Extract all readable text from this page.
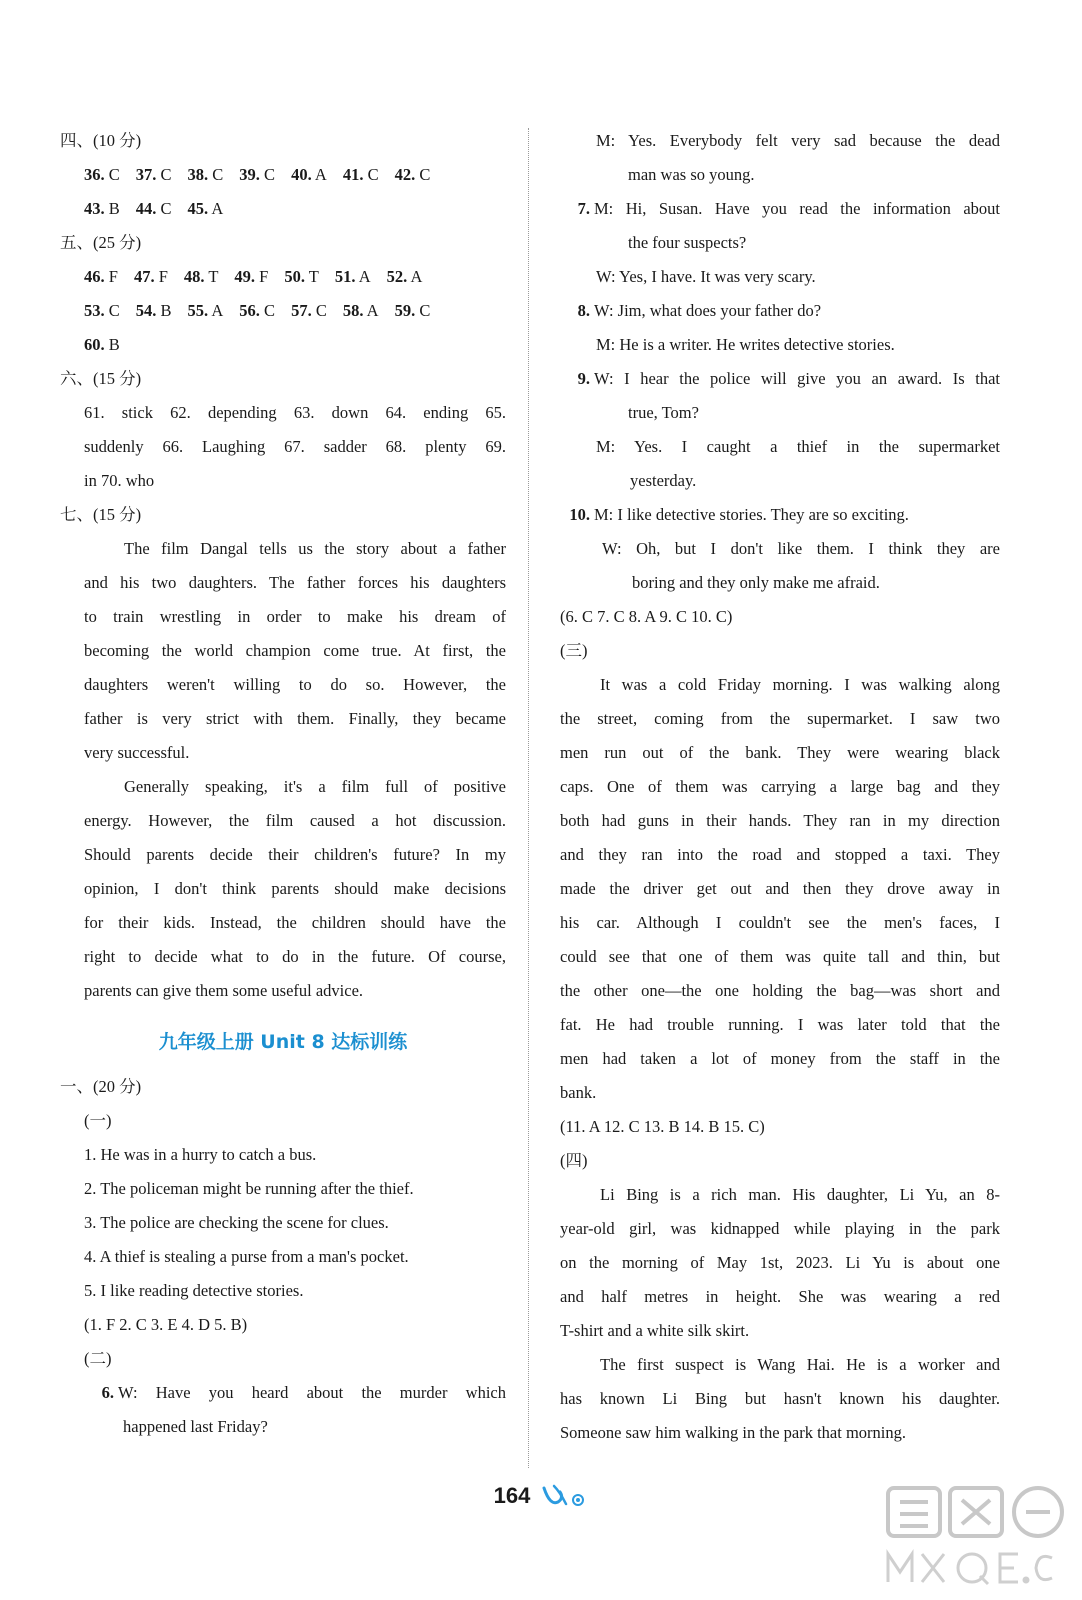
四、(10 分)
36. C 37. C 38. C 39. C 40. A 41. C 42. C
43. B 44. C 45. A
五、(25 分)
46. F 47. F 48. T 49. F 50. T 51. A 52. A
53. C 54. B 55. A 56. C 57. C 58. A 59. C
60. B
六、(15 分)
61. stick 62. depending 63. down 64. ending 65.
suddenly 66. Laughing 67. sadder 68. plenty 69.
in 70. who
七、(15 分)
The film Dangal tells us the story about a father
and his two daughters. The father forces his daughters
to train wrestling in order to make his dream of
becoming the world champion come true. At first, the
daughters weren't willing to do so. However, the
father is very strict with them. Finally, they became
very successful.
Generally speaking, it's a film full of positive
energy. However, the film caused a hot discussion.
Should parents decide their children's future? In my
opinion, I don't think parents should make decisions
for their kids. Instead, the children should have the
right to decide what to do in the future. Of course,
parents can give them some useful advice.
九年级上册 Unit 8 达标训练
一、(20 分)
(一)
1. He was in a hurry to catch a bus.
2. The policeman might be running after the thief.
3. The police are checking the scene for clues.
4. A thief is stealing a purse from a man's pocket.
5. I like reading detective stories.
(1. F 2. C 3. E 4. D 5. B)
(二)
6. W: Have you heard about the murder which
happened last Friday?
M: Yes. Everybody felt very sad because the dead
man was so young.
7. M: Hi, Susan. Have you read the information about
the four suspects?
W: Yes, I have. It was very scary.
8. W: Jim, what does your father do?
M: He is a writer. He writes detective stories.
9. W: I hear the police will give you an award. Is that
true, Tom?
M: Yes. I caught a thief in the supermarket
yesterday.
10. M: I like detective stories. They are so exciting.
W: Oh, but I don't like them. I think they are
boring and they only make me afraid.
(6. C 7. C 8. A 9. C 10. C)
(三)
It was a cold Friday morning. I was walking along
the street, coming from the supermarket. I saw two
men run out of the bank. They were wearing black
caps. One of them was carrying a large bag and they
both had guns in their hands. They ran in my direction
and they ran into the road and stopped a taxi. They
made the driver get out and then they drove away in
his car. Although I couldn't see the men's faces, I
could see that one of them was quite tall and thin, but
the other one—the one holding the bag—was short and
fat. He had trouble running. I was later told that the
men had taken a lot of money from the staff in the
bank.
(11. A 12. C 13. B 14. B 15. C)
(四)
Li Bing is a rich man. His daughter, Li Yu, an 8-
year-old girl, was kidnapped while playing in the park
on the morning of May 1st, 2023. Li Yu is about one
and half metres in height. She was wearing a red
T-shirt and a white silk skirt.
The first suspect is Wang Hai. He is a worker and
has known Li Bing but hasn't known his daughter.
Someone saw him walking in the park that morning.
164
